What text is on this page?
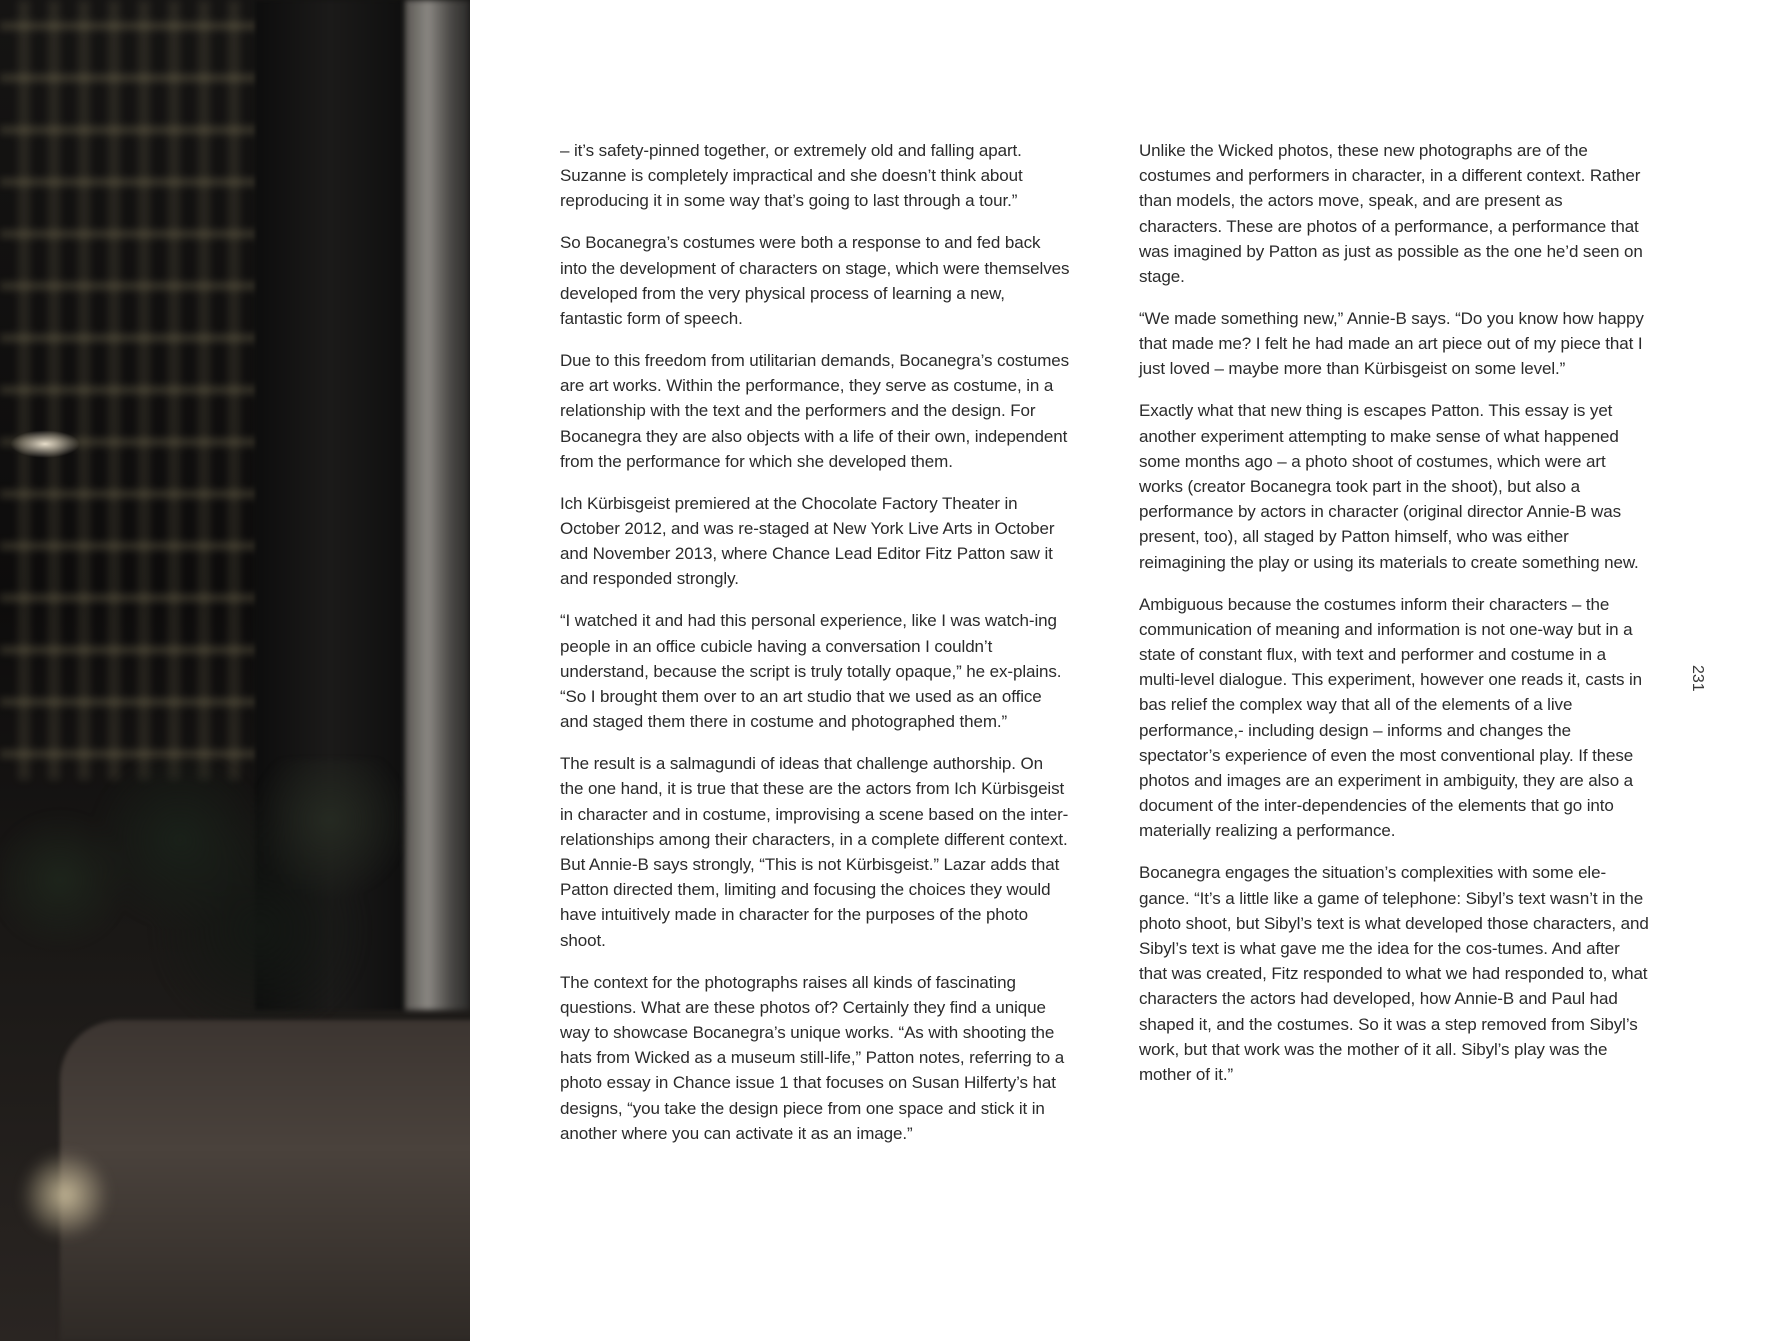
– it’s safety-pinned together, or extremely old and falling apart. Suzanne is completely impractical and she doesn’t think about reproducing it in some way that’s going to last through a tour.”

So Bocanegra’s costumes were both a response to and fed back into the development of characters on stage, which were themselves developed from the very physical process of learning a new, fantastic form of speech.

Due to this freedom from utilitarian demands, Bocanegra’s costumes are art works. Within the performance, they serve as costume, in a relationship with the text and the performers and the design. For Bocanegra they are also objects with a life of their own, independent from the performance for which she developed them.

Ich Kürbisgeist premiered at the Chocolate Factory Theater in October 2012, and was re-staged at New York Live Arts in October and November 2013, where Chance Lead Editor Fitz Patton saw it and responded strongly.

“I watched it and had this personal experience, like I was watch-ing people in an office cubicle having a conversation I couldn’t understand, because the script is truly totally opaque,” he ex-plains. “So I brought them over to an art studio that we used as an office and staged them there in costume and photographed them.”

The result is a salmagundi of ideas that challenge authorship. On the one hand, it is true that these are the actors from Ich Kürbisgeist in character and in costume, improvising a scene based on the inter-relationships among their characters, in a complete different context. But Annie-B says strongly, “This is not Kürbisgeist.” Lazar adds that Patton directed them, limiting and focusing the choices they would have intuitively made in character for the purposes of the photo shoot.

The context for the photographs raises all kinds of fascinating questions. What are these photos of? Certainly they find a unique way to showcase Bocanegra’s unique works. “As with shooting the hats from Wicked as a museum still-life,” Patton notes, referring to a photo essay in Chance issue 1 that focuses on Susan Hilferty’s hat designs, “you take the design piece from one space and stick it in another where you can activate it as an image.”

Unlike the Wicked photos, these new photographs are of the costumes and performers in character, in a different context. Rather than models, the actors move, speak, and are present as characters. These are photos of a performance, a performance that was imagined by Patton as just as possible as the one he’d seen on stage.

“We made something new,” Annie-B says. “Do you know how happy that made me? I felt he had made an art piece out of my piece that I just loved – maybe more than Kürbisgeist on some level.”

Exactly what that new thing is escapes Patton. This essay is yet another experiment attempting to make sense of what happened some months ago – a photo shoot of costumes, which were art works (creator Bocanegra took part in the shoot), but also a performance by actors in character (original director Annie-B was present, too), all staged by Patton himself, who was either reimagining the play or using its materials to create something new.

Ambiguous because the costumes inform their characters – the communication of meaning and information is not one-way but in a state of constant flux, with text and performer and costume in a multi-level dialogue. This experiment, however one reads it, casts in bas relief the complex way that all of the elements of a live performance,- including design – informs and changes the spectator’s experience of even the most conventional play. If these photos and images are an experiment in ambiguity, they are also a document of the inter-dependencies of the elements that go into materially realizing a performance.

Bocanegra engages the situation’s complexities with some ele-gance. “It’s a little like a game of telephone: Sibyl’s text wasn’t in the photo shoot, but Sibyl’s text is what developed those characters, and Sibyl’s text is what gave me the idea for the cos-tumes. And after that was created, Fitz responded to what we had responded to, what characters the actors had developed, how Annie-B and Paul had shaped it, and the costumes. So it was a step removed from Sibyl’s work, but that work was the mother of it all. Sibyl’s play was the mother of it.”

231
